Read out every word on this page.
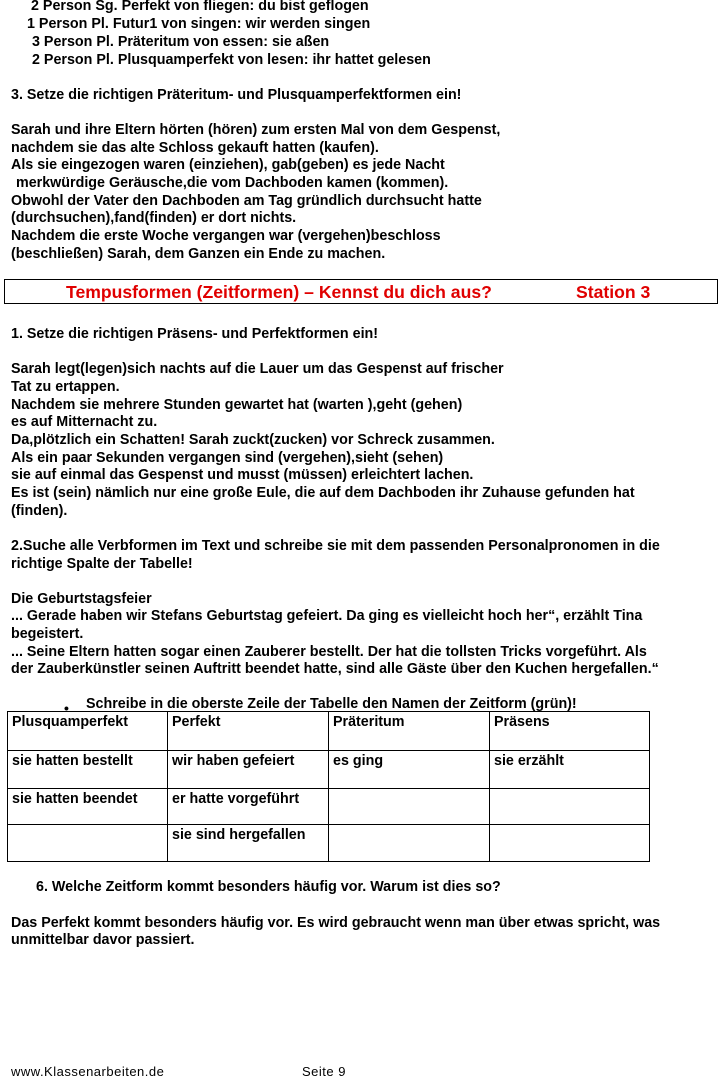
2 Person Sg. Perfekt von fliegen: du bist geflogen
1 Person Pl. Futur1 von singen: wir werden singen
3 Person Pl. Präteritum von essen: sie aßen
2 Person Pl. Plusquamperfekt von lesen: ihr hattet gelesen
3. Setze die richtigen Präteritum- und Plusquamperfektformen ein!
Sarah und ihre Eltern hörten (hören) zum ersten Mal von dem Gespenst,
nachdem sie das alte Schloss gekauft hatten (kaufen).
Als sie eingezogen waren (einziehen), gab(geben) es jede Nacht
merkwürdige Geräusche,die vom Dachboden kamen (kommen).
Obwohl der Vater den Dachboden am Tag gründlich durchsucht hatte
(durchsuchen),fand(finden) er dort nichts.
Nachdem die erste Woche vergangen war (vergehen)beschloss
(beschließen) Sarah, dem Ganzen ein Ende zu machen.
Tempusformen (Zeitformen) – Kennst du dich aus?	Station 3
1. Setze die richtigen Präsens- und Perfektformen ein!
Sarah legt(legen)sich nachts auf die Lauer um das Gespenst auf frischer
Tat zu ertappen.
Nachdem sie mehrere Stunden gewartet hat (warten ),geht (gehen)
es auf Mitternacht zu.
Da,plötzlich ein Schatten! Sarah zuckt(zucken) vor Schreck zusammen.
Als ein paar Sekunden vergangen sind (vergehen),sieht (sehen)
sie auf einmal das Gespenst und musst (müssen) erleichtert lachen.
Es ist (sein) nämlich nur eine große Eule, die auf dem Dachboden ihr Zuhause gefunden hat
(finden).
2.Suche alle Verbformen im Text und schreibe sie mit dem passenden Personalpronomen in die
richtige Spalte der Tabelle!
Die Geburtstagsfeier
... Gerade haben wir Stefans Geburtstag gefeiert. Da ging es vielleicht hoch her“, erzählt Tina
begeistert.
... Seine Eltern hatten sogar einen Zauberer bestellt. Der hat die tollsten Tricks vorgeführt. Als
der Zauberkünstler seinen Auftritt beendet hatte, sind alle Gäste über den Kuchen hergefallen.“
• Schreibe in die oberste Zeile der Tabelle den Namen der Zeitform (grün)!
Plusquamperfekt	Perfekt	Präteritum	Präsens
sie hatten bestellt	wir haben gefeiert	es ging	sie erzählt
sie hatten beendet	er hatte vorgeführt		
	sie sind hergefallen		
6. Welche Zeitform kommt besonders häufig vor. Warum ist dies so?
Das Perfekt kommt besonders häufig vor. Es wird gebraucht wenn man über etwas spricht, was
unmittelbar davor passiert.
www.Klassenarbeiten.de	Seite 9
